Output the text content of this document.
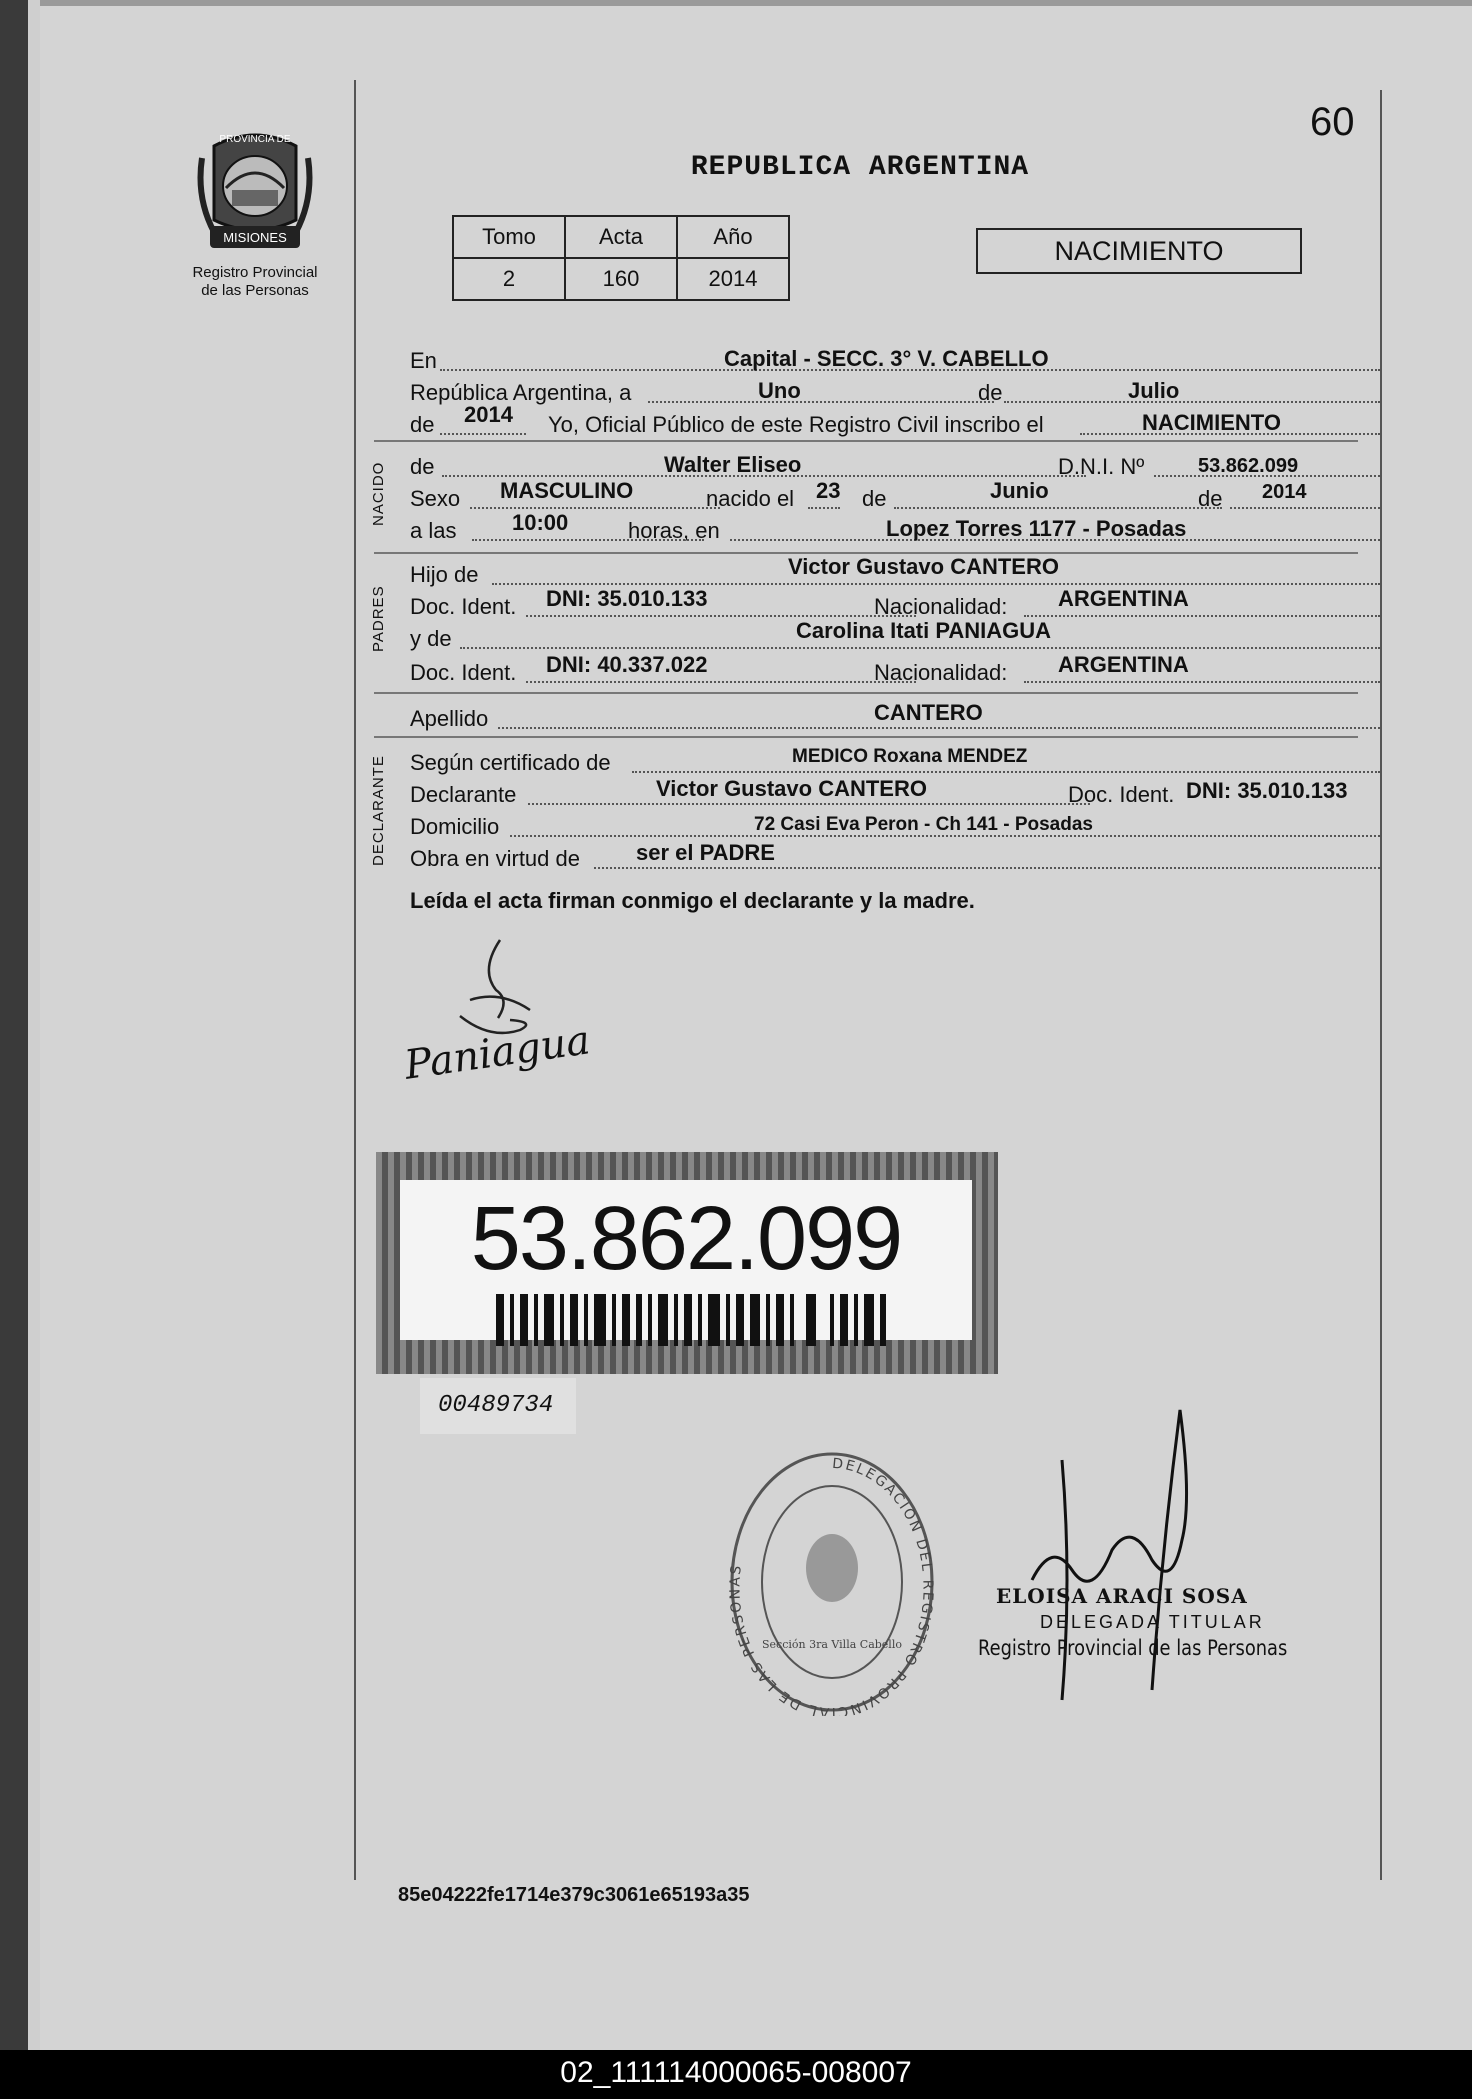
60
PROVINCIA DE
MISIONES
Registro Provincial
de las Personas
REPUBLICA ARGENTINA
Tomo	Acta	Año
2	160	2014
NACIMIENTO
En	Capital - SECC. 3° V. CABELLO
República Argentina, a	Uno	de	Julio
de 2014 Yo, Oficial Público de este Registro Civil inscribo el	NACIMIENTO
NACIDO de	Walter Eliseo	D.N.I. Nº	53.862.099
Sexo MASCULINO	nacido el 23 de	Junio	de 2014
a las	10:00	horas, en	Lopez Torres 1177 - Posadas
PADRES
Hijo de	Victor Gustavo CANTERO
Doc. Ident. DNI: 35.010.133	Nacionalidad: ARGENTINA
y de	Carolina Itati PANIAGUA
Doc. Ident. DNI: 40.337.022	Nacionalidad: ARGENTINA
Apellido	CANTERO
DECLARANTE Según certificado de	MEDICO Roxana MENDEZ
Declarante	Victor Gustavo CANTERO	Doc. Ident. DNI: 35.010.133
Domicilio	72 Casi Eva Peron - Ch 141 - Posadas
Obra en virtud de	ser el PADRE
Leída el acta firman conmigo el declarante y la madre.
Paniagua
53.862.099
00489734
DELEGACION DEL REGISTRO PROVINCIAL DE LAS PERSONAS
Sección 3ra Villa Cabello
ELOISA ARACI SOSA
DELEGADA TITULAR
Registro Provincial de las Personas
85e04222fe1714e379c3061e65193a35
02_111114000065-008007
